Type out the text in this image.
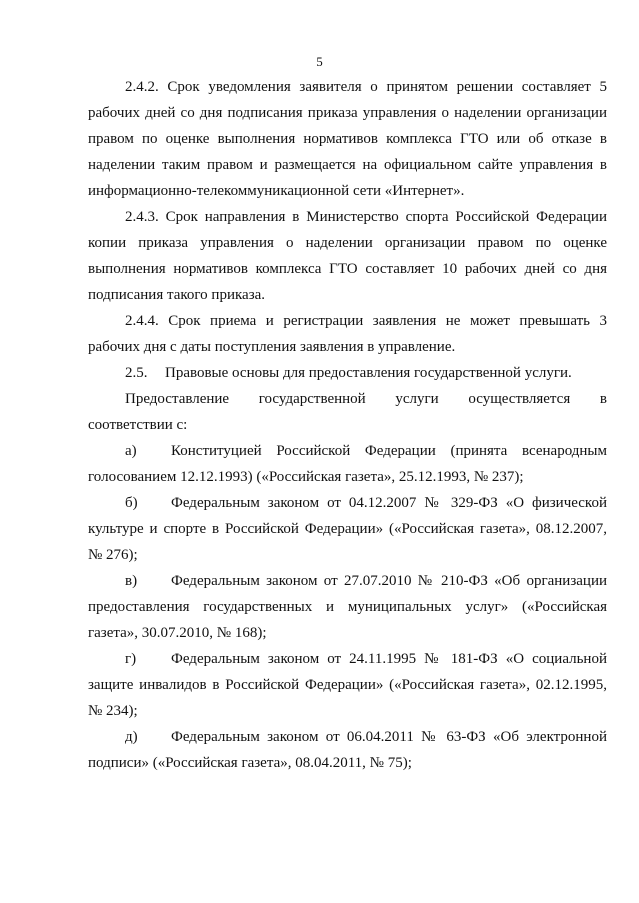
5

2.4.2. Срок уведомления заявителя о принятом решении составляет 5 рабочих дней со дня подписания приказа управления о наделении организации правом по оценке выполнения нормативов комплекса ГТО или об отказе в наделении таким правом и размещается на официальном сайте управления в информационно-телекоммуникационной сети «Интернет».

2.4.3. Срок направления в Министерство спорта Российской Федерации копии приказа управления о наделении организации правом по оценке выполнения нормативов комплекса ГТО составляет 10 рабочих дней со дня подписания такого приказа.

2.4.4. Срок приема и регистрации заявления не может превышать 3 рабочих дня с даты поступления заявления в управление.

2.5. Правовые основы для предоставления государственной услуги.

Предоставление государственной услуги осуществляется в

соответствии с:

а) Конституцией Российской Федерации (принята всенародным голосованием 12.12.1993) («Российская газета», 25.12.1993, № 237);

б) Федеральным законом от 04.12.2007 № 329-ФЗ «О физической культуре и спорте в Российской Федерации» («Российская газета», 08.12.2007, № 276);

в) Федеральным законом от 27.07.2010 № 210-ФЗ «Об организации предоставления государственных и муниципальных услуг» («Российская газета», 30.07.2010, № 168);

г) Федеральным законом от 24.11.1995 № 181-ФЗ «О социальной защите инвалидов в Российской Федерации» («Российская газета», 02.12.1995, № 234);

д) Федеральным законом от 06.04.2011 № 63-ФЗ «Об электронной подписи» («Российская газета», 08.04.2011, № 75);
